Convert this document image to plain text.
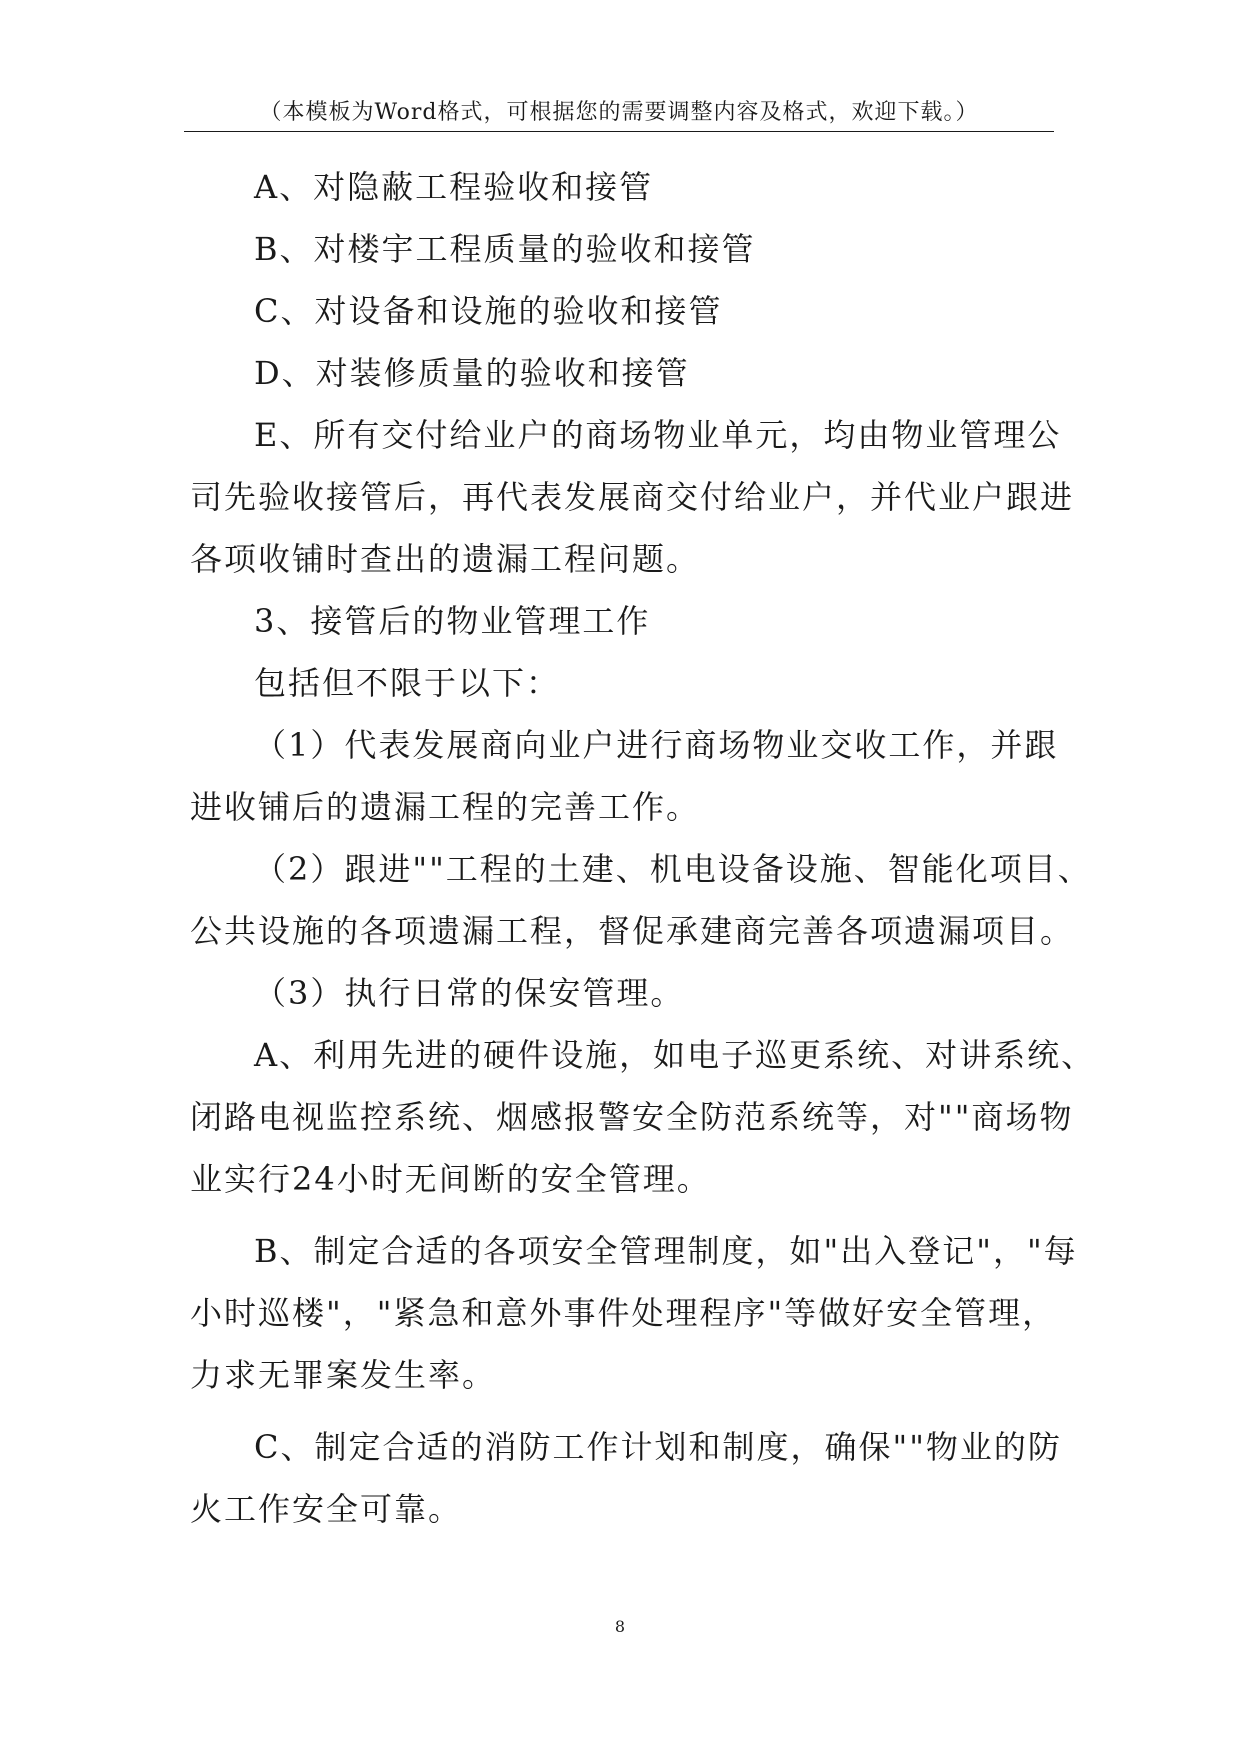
（本模板为Word格式，可根据您的需要调整内容及格式，欢迎下载。）
A、对隐蔽工程验收和接管
B、对楼宇工程质量的验收和接管
C、对设备和设施的验收和接管
D、对装修质量的验收和接管
E、所有交付给业户的商场物业单元，均由物业管理公
司先验收接管后，再代表发展商交付给业户，并代业户跟进
各项收铺时查出的遗漏工程问题。
3、接管后的物业管理工作
包括但不限于以下：
（1）代表发展商向业户进行商场物业交收工作，并跟
进收铺后的遗漏工程的完善工作。
（2）跟进""工程的土建、机电设备设施、智能化项目、
公共设施的各项遗漏工程，督促承建商完善各项遗漏项目。
（3）执行日常的保安管理。
A、利用先进的硬件设施，如电子巡更系统、对讲系统、
闭路电视监控系统、烟感报警安全防范系统等，对""商场物
业实行24小时无间断的安全管理。
B、制定合适的各项安全管理制度，如"出入登记"，"每
小时巡楼"，"紧急和意外事件处理程序"等做好安全管理，
力求无罪案发生率。
C、制定合适的消防工作计划和制度，确保""物业的防
火工作安全可靠。
8
